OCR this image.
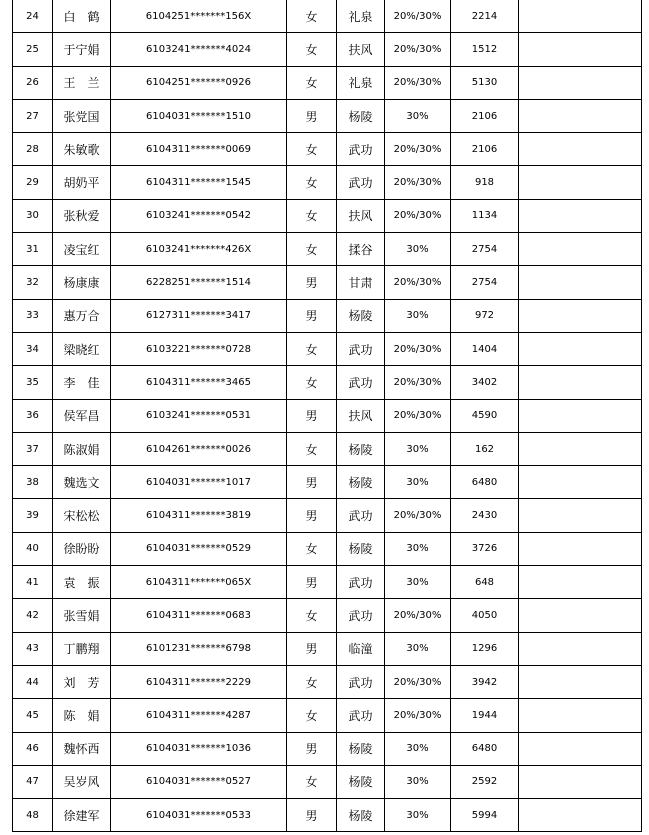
24	白　鹤	6104251*******156X	女	礼泉	20%/30%	2214	
25	于宁娟	6103241*******4024	女	扶风	20%/30%	1512	
26	王　兰	6104251*******0926	女	礼泉	20%/30%	5130	
27	张党国	6104031*******1510	男	杨陵	30%	2106	
28	朱敏歌	6104311*******0069	女	武功	20%/30%	2106	
29	胡奶平	6104311*******1545	女	武功	20%/30%	918	
30	张秋爱	6103241*******0542	女	扶风	20%/30%	1134	
31	凌宝红	6103241*******426X	女	揉谷	30%	2754	
32	杨康康	6228251*******1514	男	甘肃	20%/30%	2754	
33	惠万合	6127311*******3417	男	杨陵	30%	972	
34	梁晓红	6103221*******0728	女	武功	20%/30%	1404	
35	李　佳	6104311*******3465	女	武功	20%/30%	3402	
36	侯军昌	6103241*******0531	男	扶风	20%/30%	4590	
37	陈淑娟	6104261*******0026	女	杨陵	30%	162	
38	魏选文	6104031*******1017	男	杨陵	30%	6480	
39	宋松松	6104311*******3819	男	武功	20%/30%	2430	
40	徐盼盼	6104031*******0529	女	杨陵	30%	3726	
41	袁　振	6104311*******065X	男	武功	30%	648	
42	张雪娟	6104311*******0683	女	武功	20%/30%	4050	
43	丁鹏翔	6101231*******6798	男	临潼	30%	1296	
44	刘　芳	6104311*******2229	女	武功	20%/30%	3942	
45	陈　娟	6104311*******4287	女	武功	20%/30%	1944	
46	魏怀西	6104031*******1036	男	杨陵	30%	6480	
47	吴岁风	6104031*******0527	女	杨陵	30%	2592	
48	徐建军	6104031*******0533	男	杨陵	30%	5994	
